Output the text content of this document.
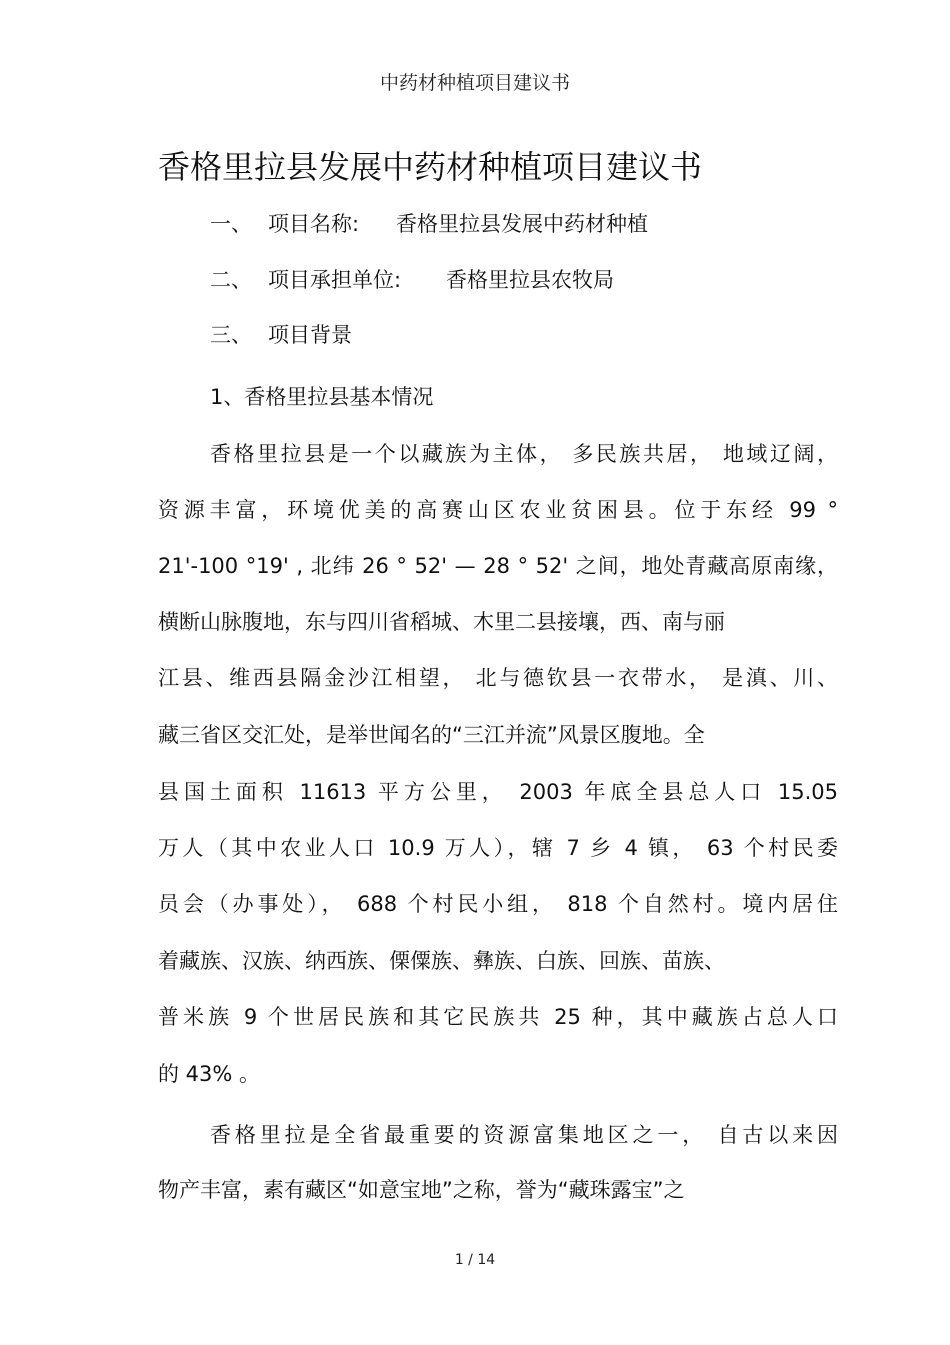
中药材种植项目建议书
香格里拉县发展中药材种植项目建议书
一、 项目名称: 香格里拉县发展中药材种植
二、 项目承担单位: 香格里拉县农牧局
三、 项目背景
1、香格里拉县基本情况
香格里拉县是一个以藏族为主体， 多民族共居， 地域辽阔，
资源丰富，环境优美的高赛山区农业贫困县。位于东经 99 °
21'-100 °19' , 北纬 26 ° 52' — 28 ° 52' 之间，地处青藏高原南缘，
横断山脉腹地，东与四川省稻城、木里二县接壤，西、南与丽
江县、维西县隔金沙江相望， 北与德钦县一衣带水， 是滇、川、
藏三省区交汇处，是举世闻名的“三江并流”风景区腹地。全
县国土面积 11613 平方公里， 2003 年底全县总人口 15.05
万人（其中农业人口 10.9 万人），辖 7 乡 4 镇， 63 个村民委
员会（办事处）， 688 个村民小组， 818 个自然村。境内居住
着藏族、汉族、纳西族、傈僳族、彝族、白族、回族、苗族、
普米族 9 个世居民族和其它民族共 25 种，其中藏族占总人口
的 43% 。
香格里拉是全省最重要的资源富集地区之一， 自古以来因
物产丰富，素有藏区“如意宝地”之称，誉为“藏珠露宝”之
1 / 14
